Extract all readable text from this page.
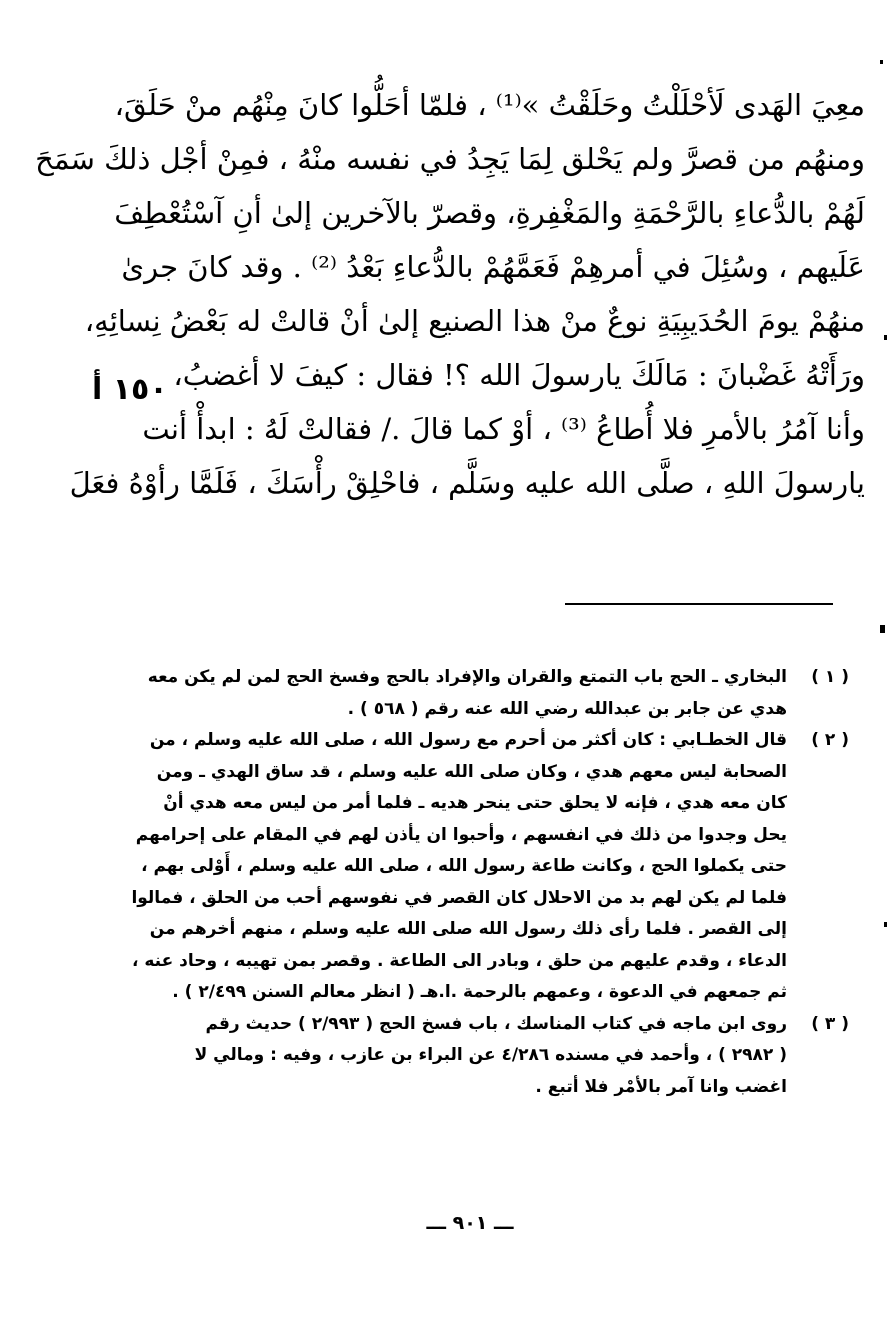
معِيَ الهَدى لَأحْلَلْتُ وحَلَقْتُ »⁽¹⁾ ، فلمّا أحَلُّوا كانَ مِنْهُم منْ حَلَقَ،
ومنهُم من قصرَّ ولم يَحْلق لِمَا يَجِدُ في نفسه منْهُ ، فمِنْ أجْل ذلكَ سَمَحَ
لَهُمْ بالدُّعاءِ بالرَّحْمَةِ والمَغْفِرةِ، وقصرّ بالآخرين إلىٰ أنِ آسْتُعْطِفَ
عَلَيهم ، وسُئِلَ في أمرهِمْ فَعَمَّهُمْ بالدُّعاءِ بَعْدُ ⁽²⁾ . وقد كانَ جرىٰ
منهُمْ يومَ الحُدَيبِيَةِ نوعٌ منْ هذا الصنيع إلىٰ أنْ قالتْ له بَعْضُ نِسائِهِ،
ورَأَتْهُ غَضْبانَ : مَالَكَ يارسولَ الله ؟! فقال : كيفَ لا أغضبُ،
وأنا آمُرُ بالأمرِ فلا أُطاعُ ⁽³⁾ ، أوْ كما قالَ ./ فقالتْ لَهُ : ابدأْ أنت
يارسولَ اللهِ ، صلَّى الله عليه وسَلَّم ، فاحْلِقْ رأْسَكَ ، فَلَمَّا رأوْهُ فعَلَ
١٥٠ أ
( ١ )
البخاري ـ الحج باب التمتع والقران والإفراد بالحج وفسخ الحج لمن لم يكن معه
هدي عن جابر بن عبدالله رضي الله عنه رقم ( ٥٦٨ ) .
( ٢ )
قال الخطـابي : كان أكثر من أحرم مع رسول الله ، صلى الله عليه وسلم ، من
الصحابة ليس معهم هدي ، وكان صلى الله عليه وسلم ، قد ساق الهدي ـ ومن
كان معه هدي ، فإنه لا يحلق حتى ينحر هديه ـ فلما أمر من ليس معه هدي أنْ
يحل وجدوا من ذلك في انفسهم ، وأحبوا ان يأذن لهم في المقام على إحرامهم
حتى يكملوا الحج ، وكانت طاعة رسول الله ، صلى الله عليه وسلم ، أَوْلى بهم ،
فلما لم يكن لهم بد من الاحلال كان القصر في نفوسهم أحب من الحلق ، فمالوا
إلى القصر . فلما رأى ذلك رسول الله صلى الله عليه وسلم ، منهم أخرهم من
الدعاء ، وقدم عليهم من حلق ، وبادر الى الطاعة . وقصر بمن تهيبه ، وحاد عنه ،
ثم جمعهم في الدعوة ، وعمهم بالرحمة .ا.هـ ( انظر معالم السنن ٢/٤٩٩ ) .
( ٣ )
روى ابن ماجه في كتاب المناسك ، باب فسخ الحج ( ٢/٩٩٣ ) حديث رقم
( ٢٩٨٢ ) ، وأحمد في مسنده ٤/٢٨٦ عن البراء بن عازب ، وفيه : ومالي لا
اغضب وانا آمر بالأمْر فلا أتبع .
ـــ ٩٠١ ـــ
